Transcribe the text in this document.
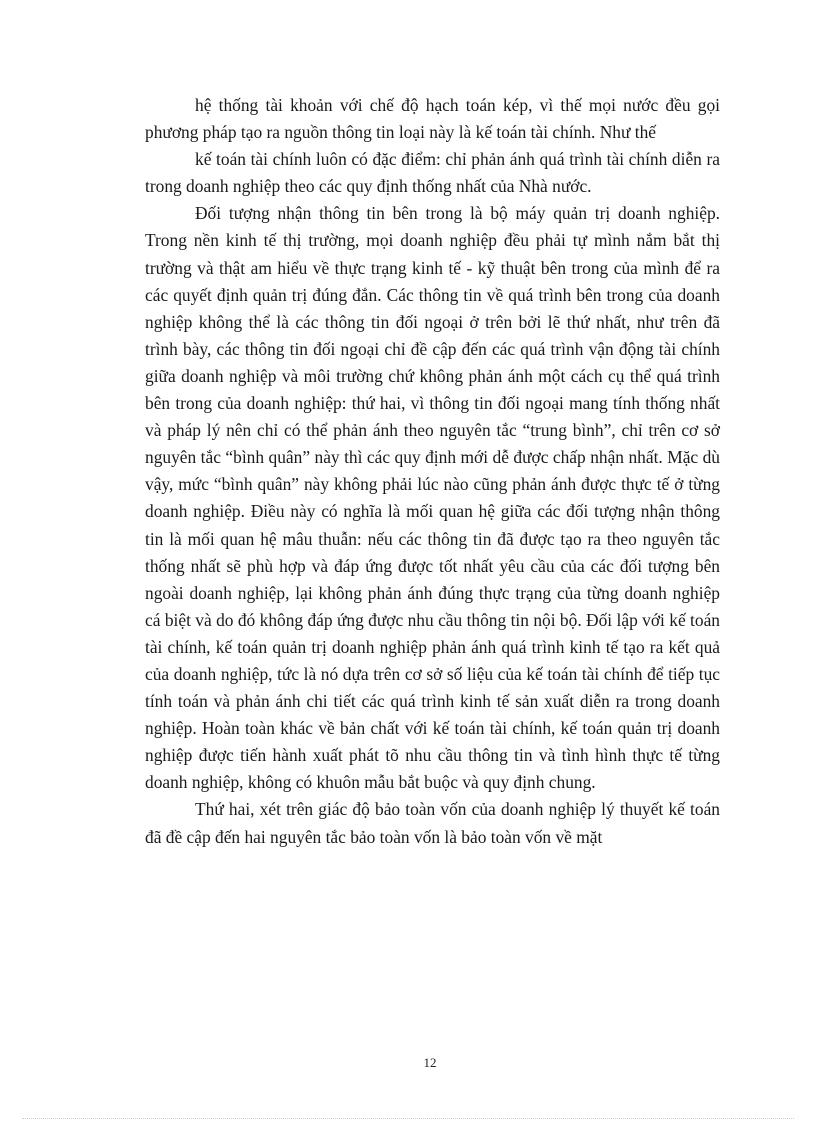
hệ thống tài khoản với chế độ hạch toán kép, vì thế mọi nước đều gọi phương pháp tạo ra nguồn thông tin loại này là kế toán tài chính. Như thế

kế toán tài chính luôn có đặc điểm: chỉ phản ánh quá trình tài chính diễn ra trong doanh nghiệp theo các quy định thống nhất của Nhà nước.

Đối tượng nhận thông tin bên trong là bộ máy quản trị doanh nghiệp. Trong nền kinh tế thị trường, mọi doanh nghiệp đều phải tự mình nắm bắt thị trường và thật am hiểu về thực trạng kinh tế - kỹ thuật bên trong của mình để ra các quyết định quản trị đúng đắn. Các thông tin về quá trình bên trong của doanh nghiệp không thể là các thông tin đối ngoại ở trên bởi lẽ thứ nhất, như trên đã trình bày, các thông tin đối ngoại chỉ đề cập đến các quá trình vận động tài chính giữa doanh nghiệp và môi trường chứ không phản ánh một cách cụ thể quá trình bên trong của doanh nghiệp: thứ hai, vì thông tin đối ngoại mang tính thống nhất và pháp lý nên chỉ có thể phản ánh theo nguyên tắc “trung bình”, chỉ trên cơ sở nguyên tắc “bình quân” này thì các quy định mới dễ được chấp nhận nhất. Mặc dù vậy, mức “bình quân” này không phải lúc nào cũng phản ánh được thực tế ở từng doanh nghiệp. Điều này có nghĩa là mối quan hệ giữa các đối tượng nhận thông tin là mối quan hệ mâu thuẫn: nếu các thông tin đã được tạo ra theo nguyên tắc thống nhất sẽ phù hợp và đáp ứng được tốt nhất yêu cầu của các đối tượng bên ngoài doanh nghiệp, lại không phản ánh đúng thực trạng của từng doanh nghiệp cá biệt và do đó không đáp ứng được nhu cầu thông tin nội bộ. Đối lập với kế toán tài chính, kế toán quản trị doanh nghiệp phản ánh quá trình kinh tế tạo ra kết quả của doanh nghiệp, tức là nó dựa trên cơ sở số liệu của kế toán tài chính để tiếp tục tính toán và phản ánh chi tiết các quá trình kinh tế sản xuất diễn ra trong doanh nghiệp. Hoàn toàn khác về bản chất với kế toán tài chính, kế toán quản trị doanh nghiệp được tiến hành xuất phát tõ nhu cầu thông tin và tình hình thực tế từng doanh nghiệp, không có khuôn mẫu bắt buộc và quy định chung.

Thứ hai, xét trên giác độ bảo toàn vốn của doanh nghiệp lý thuyết kế toán đã đề cập đến hai nguyên tắc bảo toàn vốn là bảo toàn vốn về mặt

12
